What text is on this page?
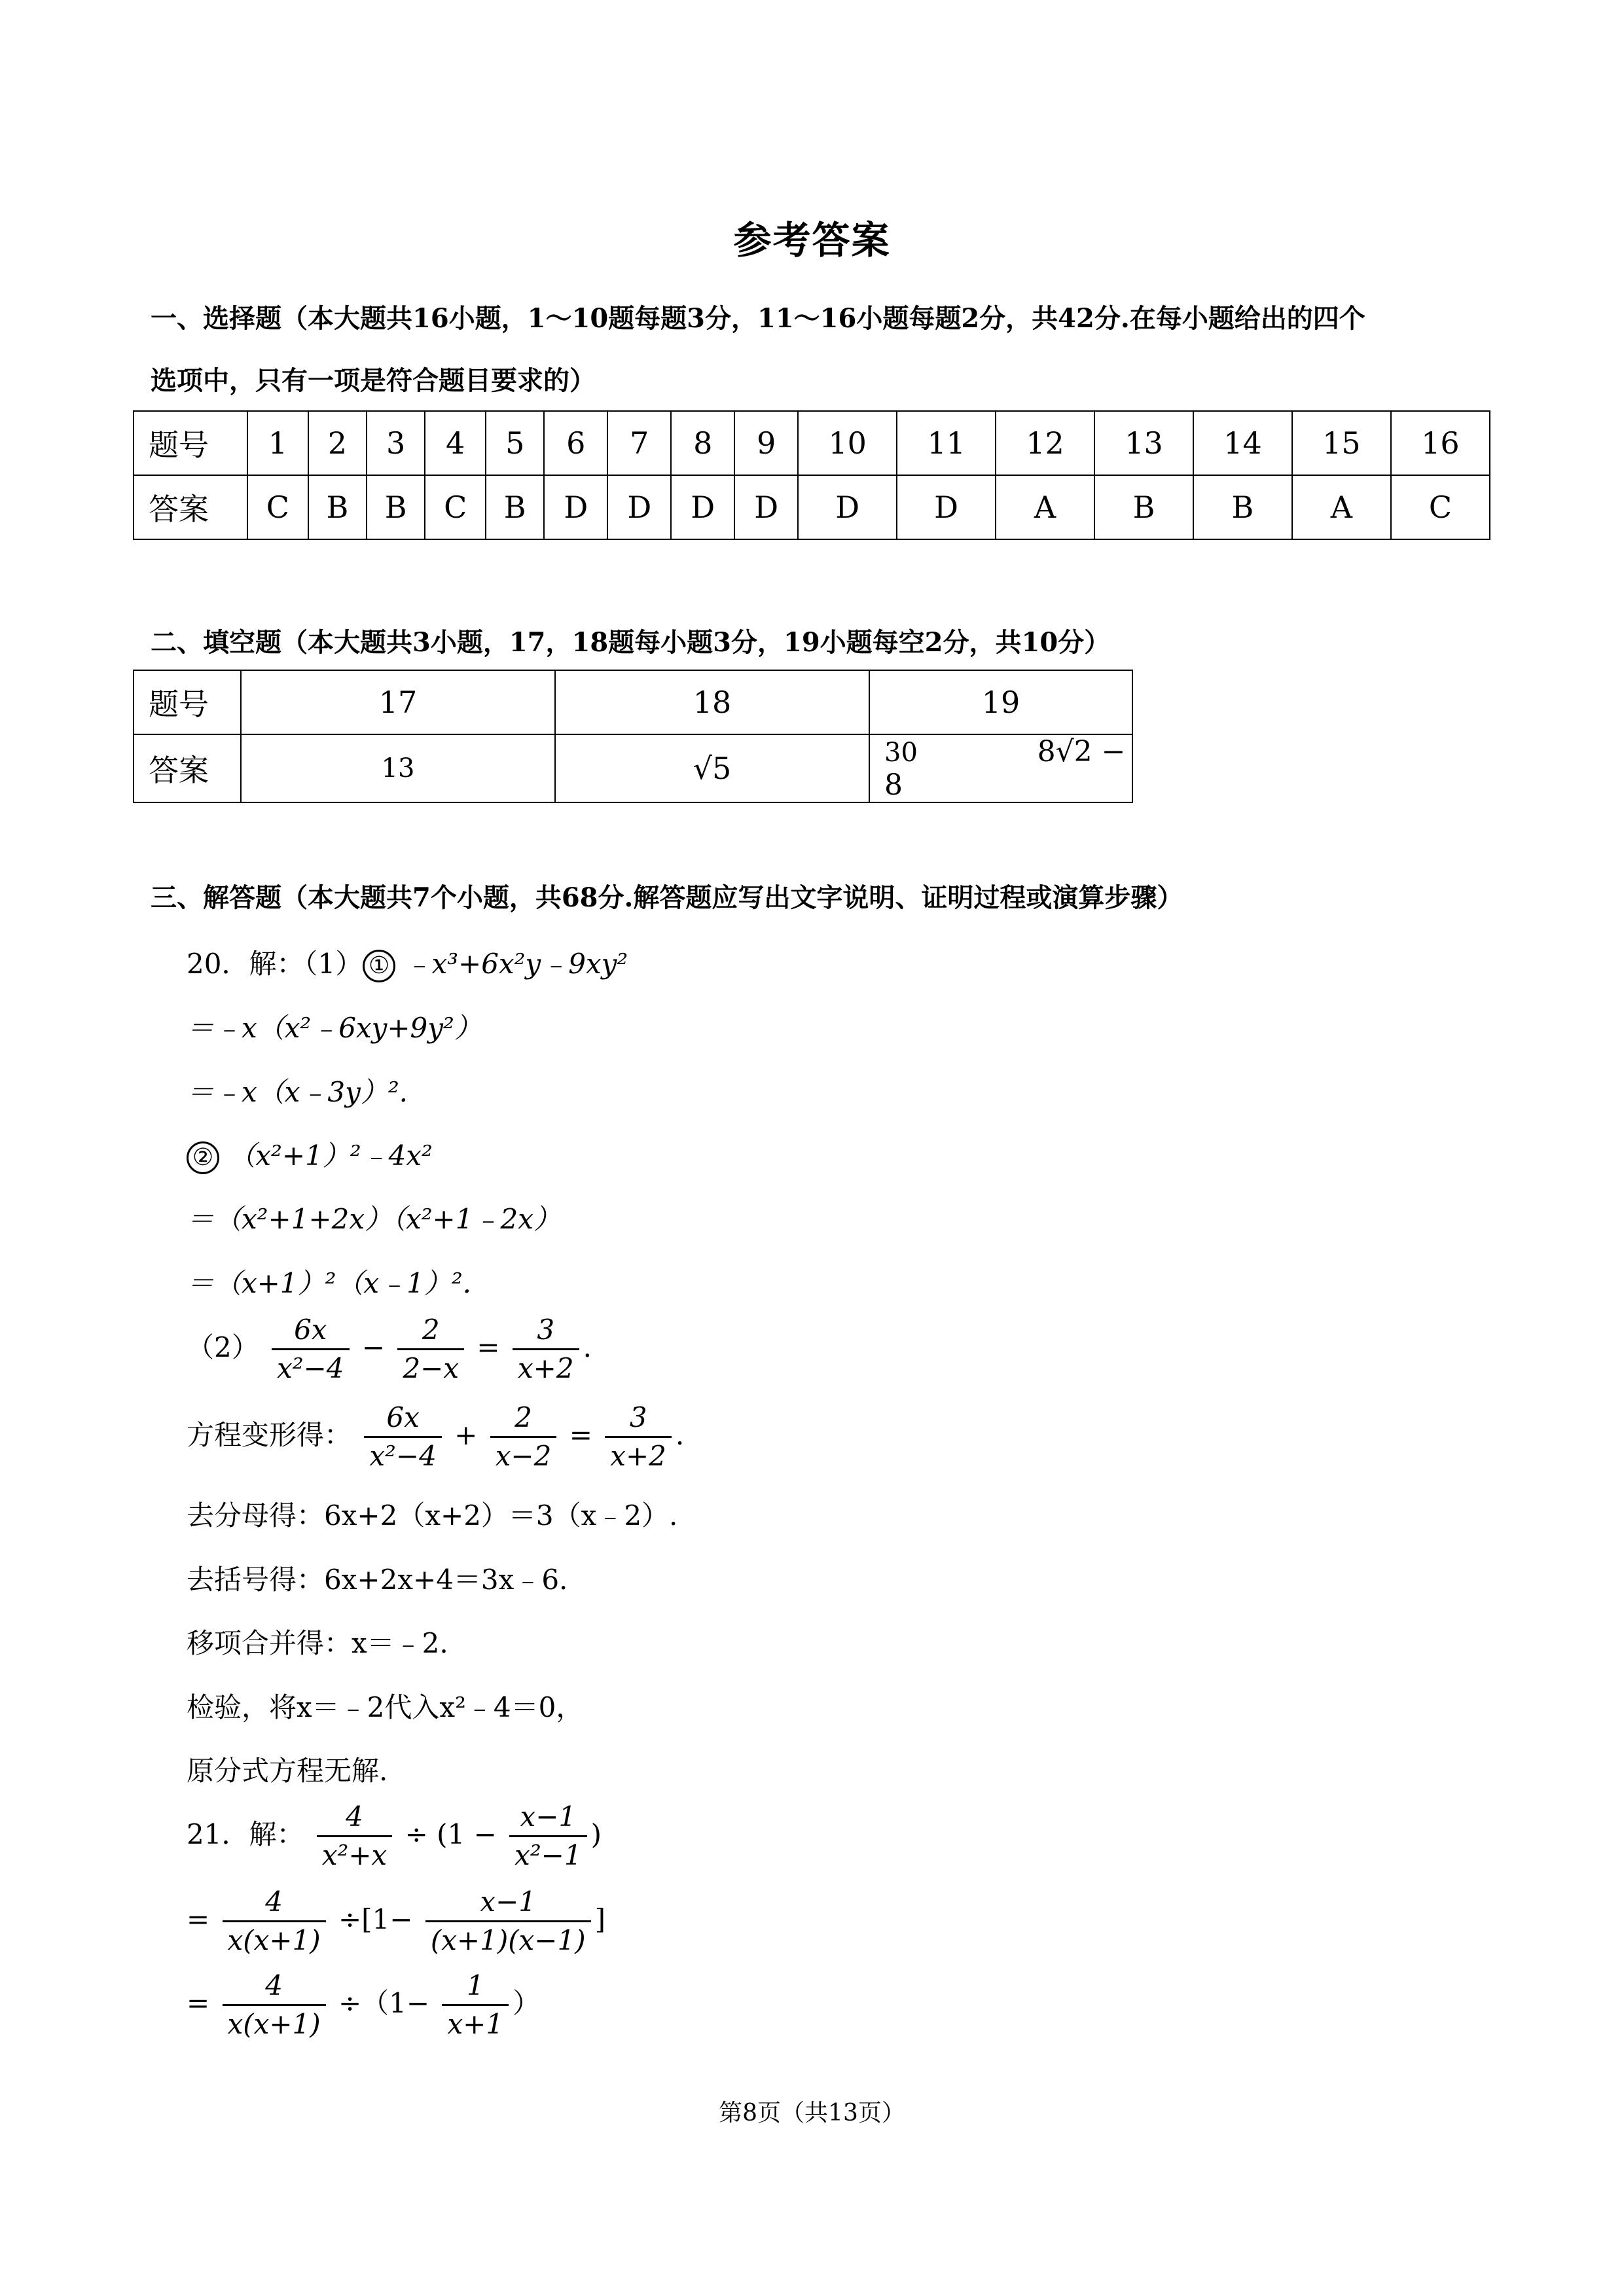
参考答案
一、选择题（本大题共16小题，1～10题每题3分，11～16小题每题2分，共42分.在每小题给出的四个
选项中，只有一项是符合题目要求的）
题号	1	2	3	4	5	6	7	8	9	10	11	12	13	14	15	16
答案	C	B	B	C	B	D	D	D	D	D	D	A	B	B	A	C
二、填空题（本大题共3小题，17，18题每小题3分，19小题每空2分，共10分）
题号	17	18	19
答案	13	√5	30 8√2 − 8
三、解答题（本大题共7个小题，共68分.解答题应写出文字说明、证明过程或演算步骤）
20．解：（1） ① ﹣x³+6x²y﹣9xy²
＝﹣x（x²﹣6xy+9y²）
＝﹣x（x﹣3y）².
② （x²+1）²﹣4x²
＝（x²+1+2x）（x²+1﹣2x）
＝（x+1）²（x﹣1）².
$(2) \frac{6x}{\text{x²−4}} - \frac{2}{2-x} = \frac{3}{x+2}$ .
方程变形得： $\frac{6x}{\text{x²−4}} + \frac{2}{x-2} = \frac{3}{x+2}$ .
去分母得：6x+2（x+2）＝3（x﹣2）.
去括号得：6x+2x+4＝3x﹣6.
移项合并得：x＝﹣2.
检验，将x＝﹣2代入x²﹣4＝0，
原分式方程无解.
21．解： $\frac{4}{\text{x²+x}} \div (1 - \frac{x-1}{\text{x²−1}}$ )
= $\frac{4}{x(x+1)} \div[1- \frac{x-1}{(x+1)(x-1)}$ ]
= $\frac{4}{x(x+1)} \div(1- \frac{1}{x+1}$ ）
第8页（共13页）
